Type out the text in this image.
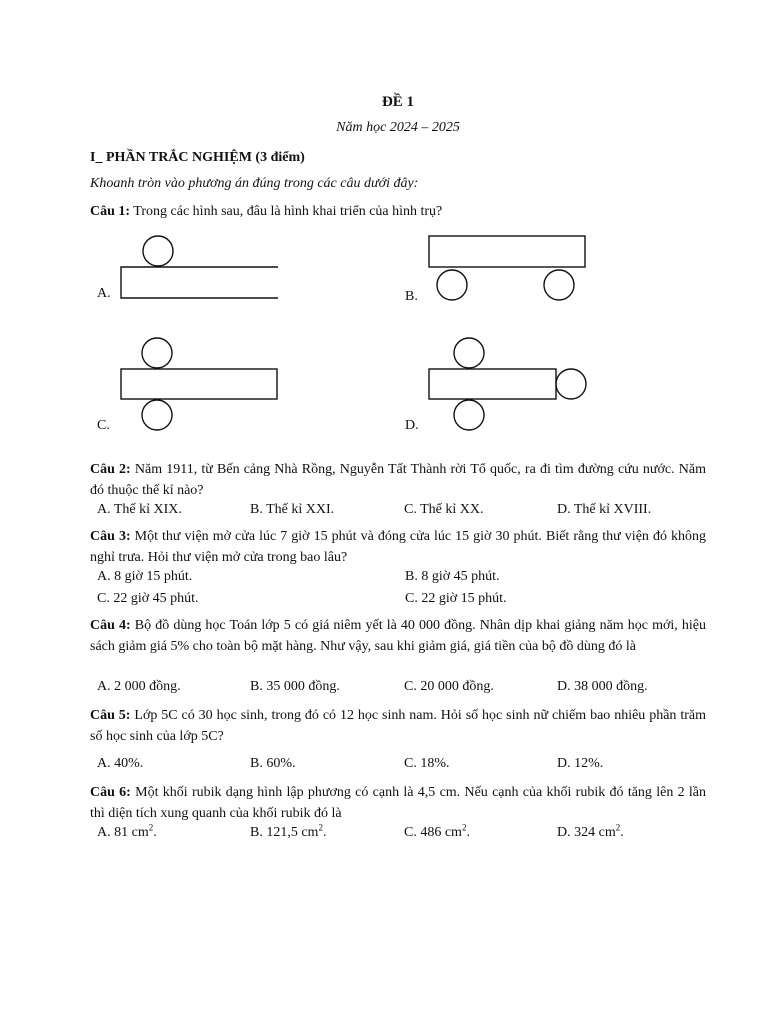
ĐỀ 1
Năm học 2024 – 2025
I_ PHẦN TRẮC NGHIỆM (3 điểm)
Khoanh tròn vào phương án đúng trong các câu dưới đây:
Câu 1: Trong các hình sau, đâu là hình khai triển của hình trụ?
A.	B.
C.	D.
Câu 2: Năm 1911, từ Bến cảng Nhà Rồng, Nguyễn Tất Thành rời Tổ quốc, ra đi tìm đường cứu nước. Năm đó thuộc thế kỉ nào?
A. Thế kỉ XIX.	B. Thế kỉ XXI.	C. Thế kỉ XX.	D. Thế kỉ XVIII.
Câu 3: Một thư viện mở cửa lúc 7 giờ 15 phút và đóng cửa lúc 15 giờ 30 phút. Biết rằng thư viện đó không nghỉ trưa. Hỏi thư viện mở cửa trong bao lâu?
A. 8 giờ 15 phút.	B. 8 giờ 45 phút.
C. 22 giờ 45 phút.	C. 22 giờ 15 phút.
Câu 4: Bộ đồ dùng học Toán lớp 5 có giá niêm yết là 40 000 đồng. Nhân dịp khai giảng năm học mới, hiệu sách giảm giá 5% cho toàn bộ mặt hàng. Như vậy, sau khi giảm giá, giá tiền của bộ đồ dùng đó là
A. 2 000 đồng.	B. 35 000 đồng.	C. 20 000 đồng.	D. 38 000 đồng.
Câu 5: Lớp 5C có 30 học sinh, trong đó có 12 học sinh nam. Hỏi số học sinh nữ chiếm bao nhiêu phần trăm số học sinh của lớp 5C?
A. 40%.	B. 60%.	C. 18%.	D. 12%.
Câu 6: Một khối rubik dạng hình lập phương có cạnh là 4,5 cm. Nếu cạnh của khối rubik đó tăng lên 2 lần thì diện tích xung quanh của khối rubik đó là
A. 81 $cm^2$.	B. 121,5 $cm^2$.	C. 486 $cm^2$.	D. 324 $cm^2$.
